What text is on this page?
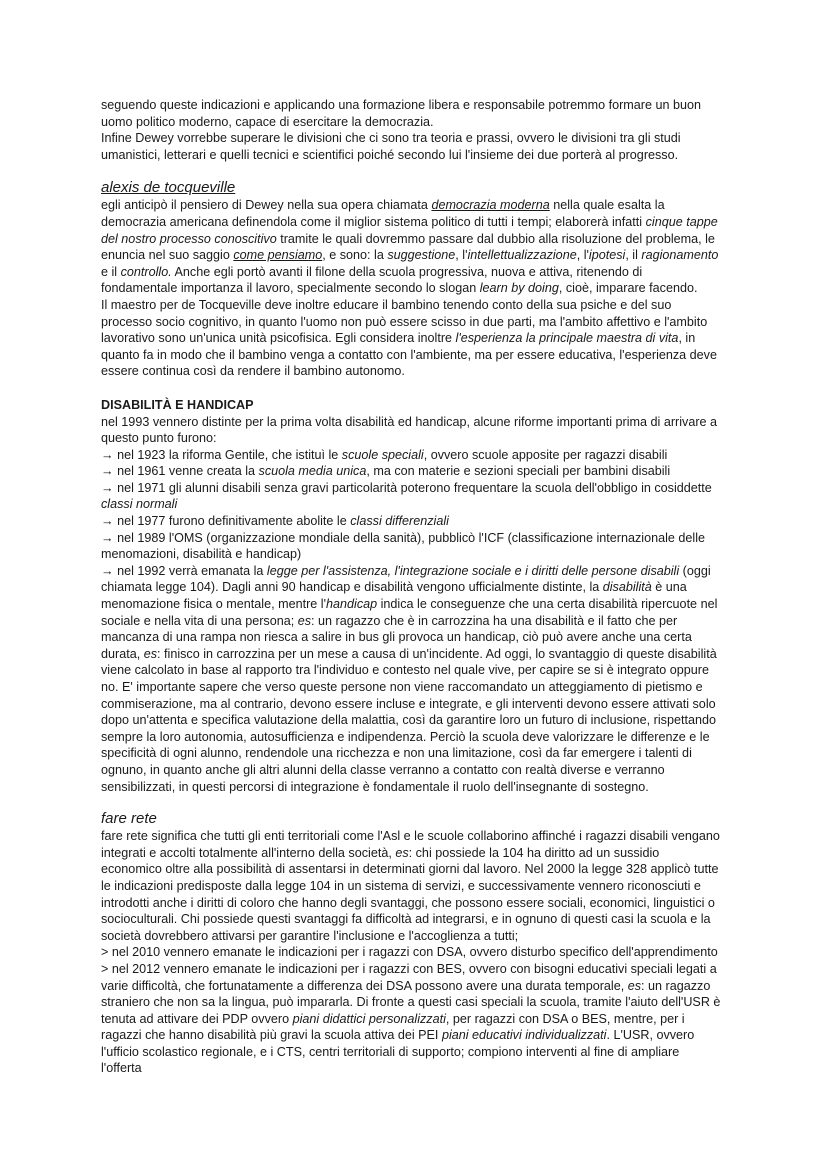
seguendo queste indicazioni e applicando una formazione libera e responsabile potremmo formare un buon uomo politico moderno, capace di esercitare la democrazia.

Infine Dewey vorrebbe superare le divisioni che ci sono tra teoria e prassi, ovvero le divisioni tra gli studi umanistici, letterari e quelli tecnici e scientifici poiché secondo lui l'insieme dei due porterà al progresso.

alexis de tocqueville

egli anticipò il pensiero di Dewey nella sua opera chiamata democrazia moderna nella quale esalta la democrazia americana definendola come il miglior sistema politico di tutti i tempi; elaborerà infatti cinque tappe del nostro processo conoscitivo tramite le quali dovremmo passare dal dubbio alla risoluzione del problema, le enuncia nel suo saggio come pensiamo, e sono: la suggestione, l'intellettualizzazione, l'ipotesi, il ragionamento e il controllo. Anche egli portò avanti il filone della scuola progressiva, nuova e attiva, ritenendo di fondamentale importanza il lavoro, specialmente secondo lo slogan learn by doing, cioè, imparare facendo.

Il maestro per de Tocqueville deve inoltre educare il bambino tenendo conto della sua psiche e del suo processo socio cognitivo, in quanto l'uomo non può essere scisso in due parti, ma l'ambito affettivo e l'ambito lavorativo sono un'unica unità psicofisica. Egli considera inoltre l'esperienza la principale maestra di vita, in quanto fa in modo che il bambino venga a contatto con l'ambiente, ma per essere educativa, l'esperienza deve essere continua così da rendere il bambino autonomo.

DISABILITÀ E HANDICAP

nel 1993 vennero distinte per la prima volta disabilità ed handicap, alcune riforme importanti prima di arrivare a questo punto furono:

→ nel 1923 la riforma Gentile, che istituì le scuole speciali, ovvero scuole apposite per ragazzi disabili

→ nel 1961 venne creata la scuola media unica, ma con materie e sezioni speciali per bambini disabili

→ nel 1971 gli alunni disabili senza gravi particolarità poterono frequentare la scuola dell'obbligo in cosiddette classi normali

→ nel 1977 furono definitivamente abolite le classi differenziali

→ nel 1989 l'OMS (organizzazione mondiale della sanità), pubblicò l'ICF (classificazione internazionale delle menomazioni, disabilità e handicap)

→ nel 1992 verrà emanata la legge per l'assistenza, l'integrazione sociale e i diritti delle persone disabili (oggi chiamata legge 104). Dagli anni 90 handicap e disabilità vengono ufficialmente distinte, la disabilità è una menomazione fisica o mentale, mentre l'handicap indica le conseguenze che una certa disabilità ripercuote nel sociale e nella vita di una persona; es: un ragazzo che è in carrozzina ha una disabilità e il fatto che per mancanza di una rampa non riesca a salire in bus gli provoca un handicap, ciò può avere anche una certa durata, es: finisco in carrozzina per un mese a causa di un'incidente. Ad oggi, lo svantaggio di queste disabilità viene calcolato in base al rapporto tra l'individuo e contesto nel quale vive, per capire se si è integrato oppure no. E' importante sapere che verso queste persone non viene raccomandato un atteggiamento di pietismo e commiserazione, ma al contrario, devono essere incluse e integrate, e gli interventi devono essere attivati solo dopo un'attenta e specifica valutazione della malattia, così da garantire loro un futuro di inclusione, rispettando sempre la loro autonomia, autosufficienza e indipendenza. Perciò la scuola deve valorizzare le differenze e le specificità di ogni alunno, rendendole una ricchezza e non una limitazione, così da far emergere i talenti di ognuno, in quanto anche gli altri alunni della classe verranno a contatto con realtà diverse e verranno sensibilizzati, in questi percorsi di integrazione è fondamentale il ruolo dell'insegnante di sostegno.

fare rete

fare rete significa che tutti gli enti territoriali come l'Asl e le scuole collaborino affinché i ragazzi disabili vengano integrati e accolti totalmente all'interno della società, es: chi possiede la 104 ha diritto ad un sussidio economico oltre alla possibilità di assentarsi in determinati giorni dal lavoro. Nel 2000 la legge 328 applicò tutte le indicazioni predisposte dalla legge 104 in un sistema di servizi, e successivamente vennero riconosciuti e introdotti anche i diritti di coloro che hanno degli svantaggi, che possono essere sociali, economici, linguistici o socioculturali. Chi possiede questi svantaggi fa difficoltà ad integrarsi, e in ognuno di questi casi la scuola e la società dovrebbero attivarsi per garantire l'inclusione e l'accoglienza a tutti;

> nel 2010 vennero emanate le indicazioni per i ragazzi con DSA, ovvero disturbo specifico dell'apprendimento

> nel 2012 vennero emanate le indicazioni per i ragazzi con BES, ovvero con bisogni educativi speciali legati a varie difficoltà, che fortunatamente a differenza dei DSA possono avere una durata temporale, es: un ragazzo straniero che non sa la lingua, può impararla. Di fronte a questi casi speciali la scuola, tramite l'aiuto dell'USR è tenuta ad attivare dei PDP ovvero piani didattici personalizzati, per ragazzi con DSA o BES, mentre, per i ragazzi che hanno disabilità più gravi la scuola attiva dei PEI piani educativi individualizzati. L'USR, ovvero l'ufficio scolastico regionale, e i CTS, centri territoriali di supporto; compiono interventi al fine di ampliare l'offerta
